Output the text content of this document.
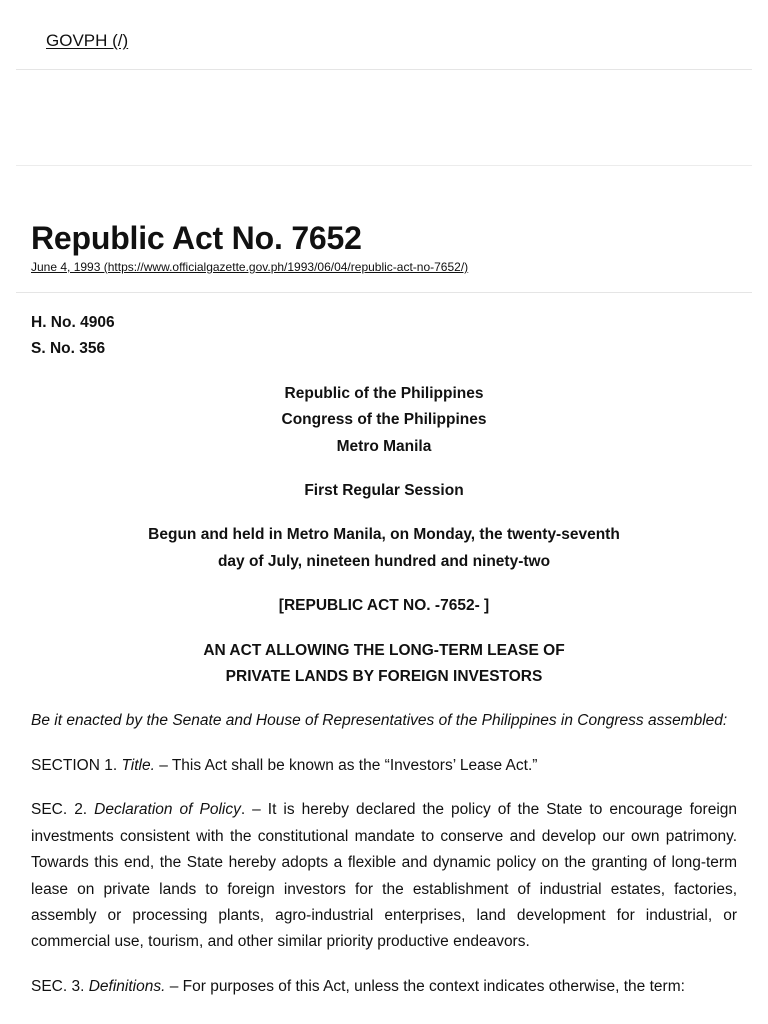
GOVPH (/)
Republic Act No. 7652
June 4, 1993 (https://www.officialgazette.gov.ph/1993/06/04/republic-act-no-7652/)

H. No. 4906

S. No. 356

Republic of the Philippines

Congress of the Philippines

Metro Manila

First Regular Session

Begun and held in Metro Manila, on Monday, the twenty-seventh

day of July, nineteen hundred and ninety-two

[REPUBLIC ACT NO. -7652- ]

AN ACT ALLOWING THE LONG-TERM LEASE OF

PRIVATE LANDS BY FOREIGN INVESTORS

Be it enacted by the Senate and House of Representatives of the Philippines in Congress assembled:

SECTION 1. Title. – This Act shall be known as the “Investors’ Lease Act.”

SEC. 2. Declaration of Policy. – It is hereby declared the policy of the State to encourage foreign investments consistent with the constitutional mandate to conserve and develop our own patrimony. Towards this end, the State hereby adopts a flexible and dynamic policy on the granting of long-term lease on private lands to foreign investors for the establishment of industrial estates, factories, assembly or processing plants, agro-industrial enterprises, land development for industrial, or commercial use, tourism, and other similar priority productive endeavors.

SEC. 3. Definitions. – For purposes of this Act, unless the context indicates otherwise, the term:
